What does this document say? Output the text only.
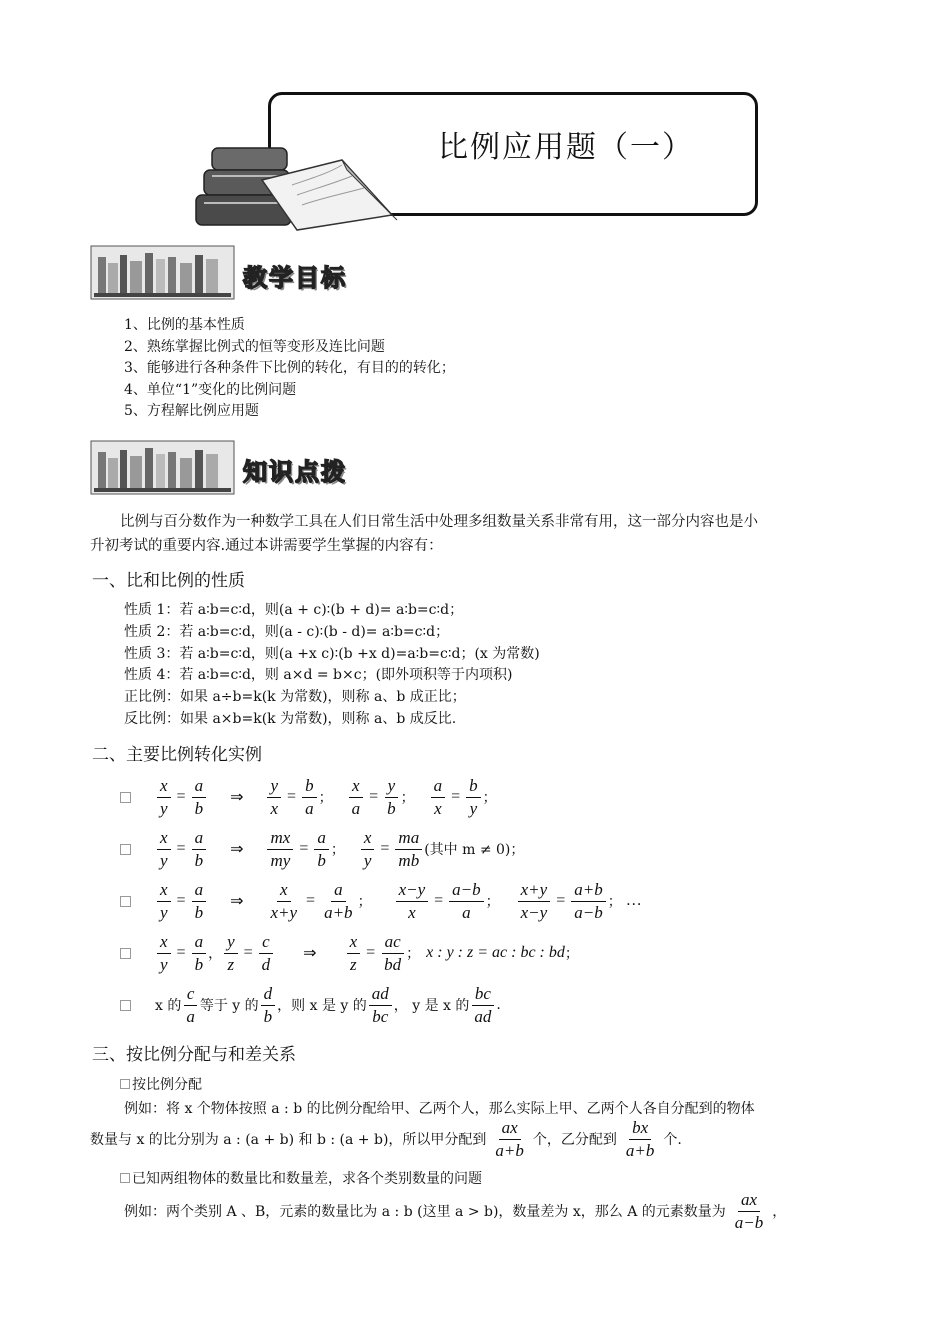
比例应用题（一）
教学目标
1、比例的基本性质
2、熟练掌握比例式的恒等变形及连比问题
3、能够进行各种条件下比例的转化，有目的的转化；
4、单位“1”变化的比例问题
5、方程解比例应用题
知识点拨
比例与百分数作为一种数学工具在人们日常生活中处理多组数量关系非常有用，这一部分内容也是小
升初考试的重要内容.通过本讲需要学生掌握的内容有：
一、比和比例的性质
性质 1：若 a∶b=c∶d，则(a + c)∶(b + d)= a∶b=c∶d；
性质 2：若 a∶b=c∶d，则(a - c)∶(b - d)= a∶b=c∶d；
性质 3：若 a∶b=c∶d，则(a +x c)∶(b +x d)=a∶b=c∶d；(x 为常数)
性质 4：若 a∶b=c∶d，则 a×d = b×c；(即外项积等于内项积)
正比例：如果 a÷b=k(k 为常数)，则称 a、b 成正比；
反比例：如果 a×b=k(k 为常数)，则称 a、b 成反比.
二、主要比例转化实例
$\frac{x}{y} = \frac{a}{b}$ ⇒ $\frac{y}{x} = \frac{b}{a}$ ； $\frac{x}{a} = \frac{y}{b}$ ； $\frac{a}{x} = \frac{b}{y}$ ；
$\frac{x}{y} = \frac{a}{b}$ ⇒ $\frac{mx}{my} = \frac{a}{b}$ ； $\frac{x}{y} = \frac{ma}{mb}$ (其中 m ≠ 0)；
$\frac{x}{y} = \frac{a}{b}$ ⇒ $\frac{x}{x+y} = \frac{a}{a+b}$ ； $\frac{x-y}{x} = \frac{a-b}{a}$ ； $\frac{x+y}{x-y} = \frac{a+b}{a-b}$ ； …
$\frac{x}{y} = \frac{a}{b}$ ， $\frac{y}{z} = \frac{c}{d}$ ⇒ $\frac{x}{z} = \frac{ac}{bd}$ ； x : y : z = ac : bc : bd ；
x 的 $\frac{c}{a}$ 等于 y 的 $\frac{d}{b}$ ，则 x 是 y 的 $\frac{ad}{bc}$ ， y 是 x 的 $\frac{bc}{ad}$ .
三、按比例分配与和差关系
按比例分配
例如：将 x 个物体按照 a : b 的比例分配给甲、乙两个人，那么实际上甲、乙两个人各自分配到的物体
数量与 x 的比分别为 a : (a + b) 和 b : (a + b)，所以甲分配到 $\frac{ax}{a+b}$ 个，乙分配到 $\frac{bx}{a+b}$ 个.
已知两组物体的数量比和数量差，求各个类别数量的问题
例如：两个类别 A 、B，元素的数量比为 a : b (这里 a > b)，数量差为 x，那么 A 的元素数量为 $\frac{ax}{a-b}$ ，
